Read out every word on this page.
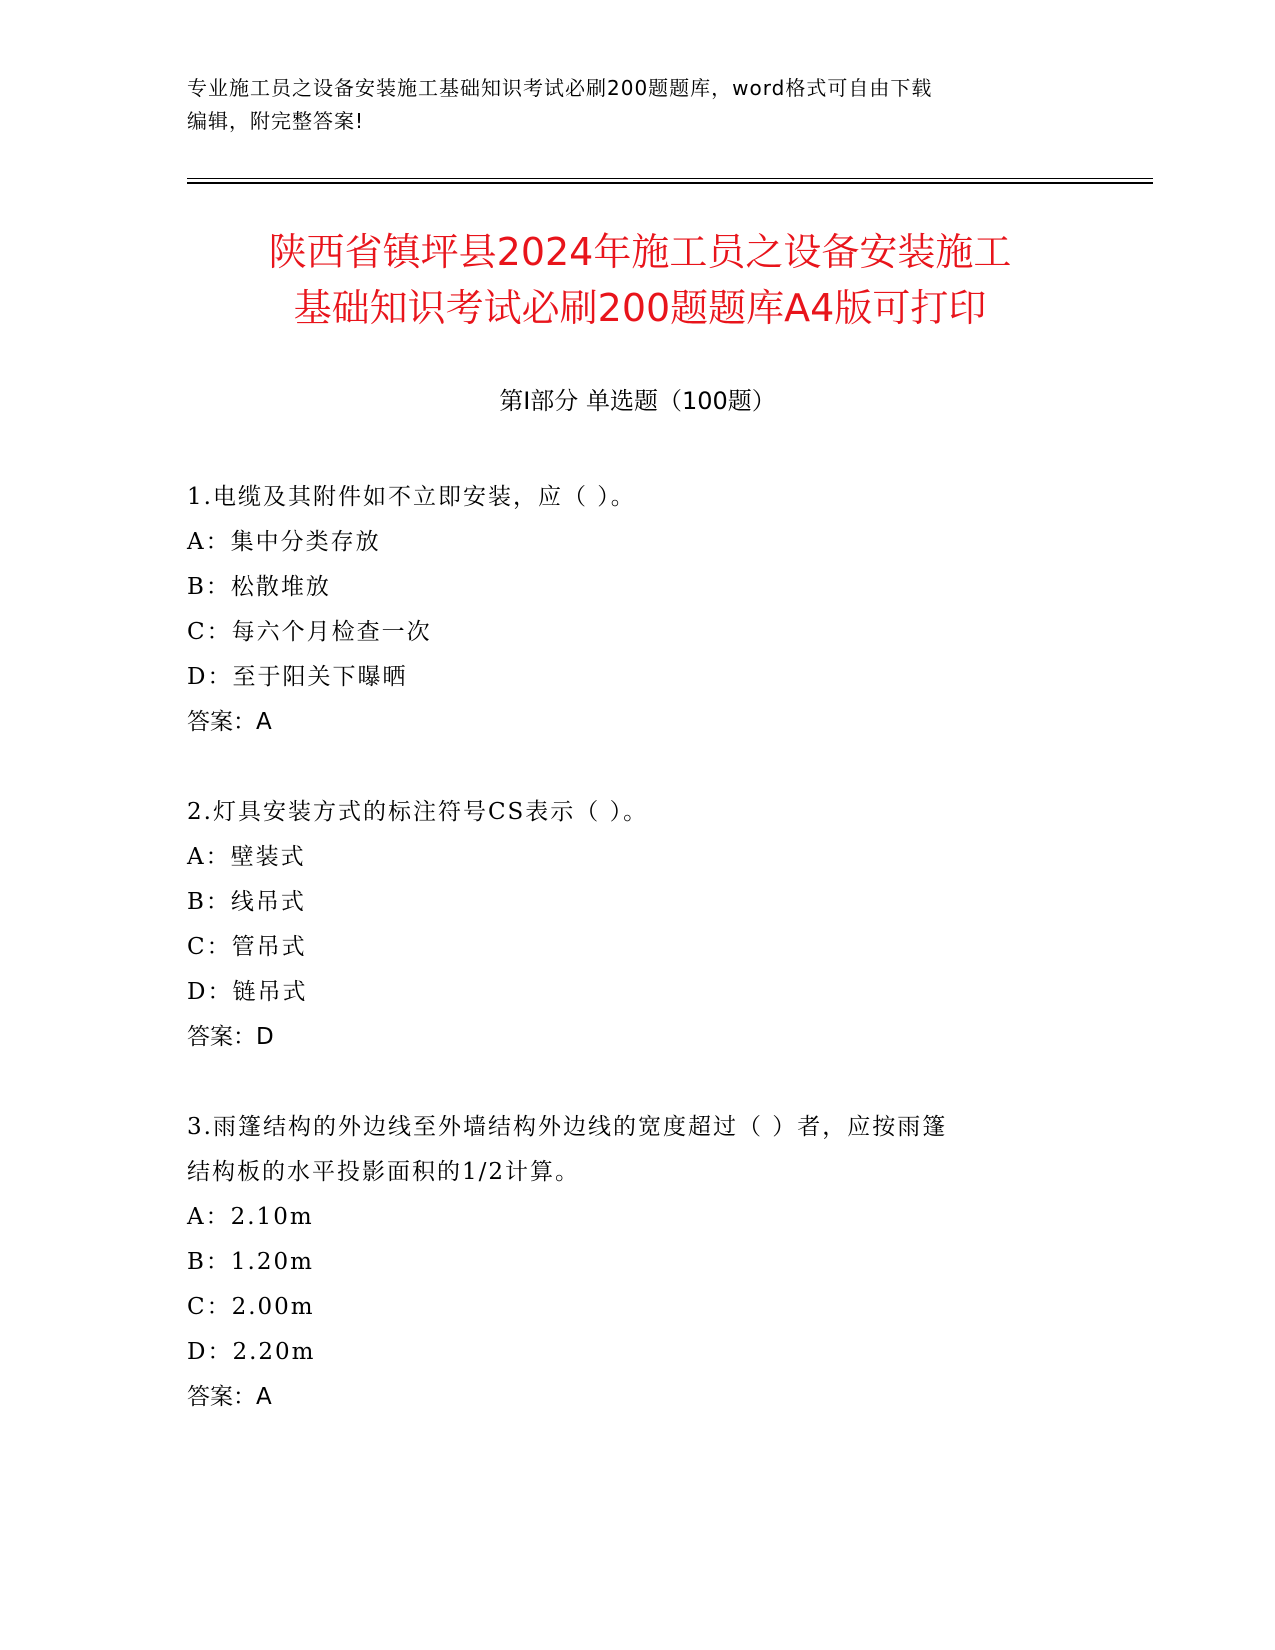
专业施工员之设备安装施工基础知识考试必刷200题题库，word格式可自由下载
编辑，附完整答案!
陕西省镇坪县2024年施工员之设备安装施工
基础知识考试必刷200题题库A4版可打印
第Ⅰ部分 单选题（100题）
1.电缆及其附件如不立即安装，应（ ）。
A：集中分类存放
B：松散堆放
C：每六个月检查一次
D：至于阳关下曝晒
答案：A
2.灯具安装方式的标注符号CS表示（ ）。
A：壁装式
B：线吊式
C：管吊式
D：链吊式
答案：D
3.雨篷结构的外边线至外墙结构外边线的宽度超过（ ）者，应按雨篷
结构板的水平投影面积的1/2计算。
A：2.10m
B：1.20m
C：2.00m
D：2.20m
答案：A
